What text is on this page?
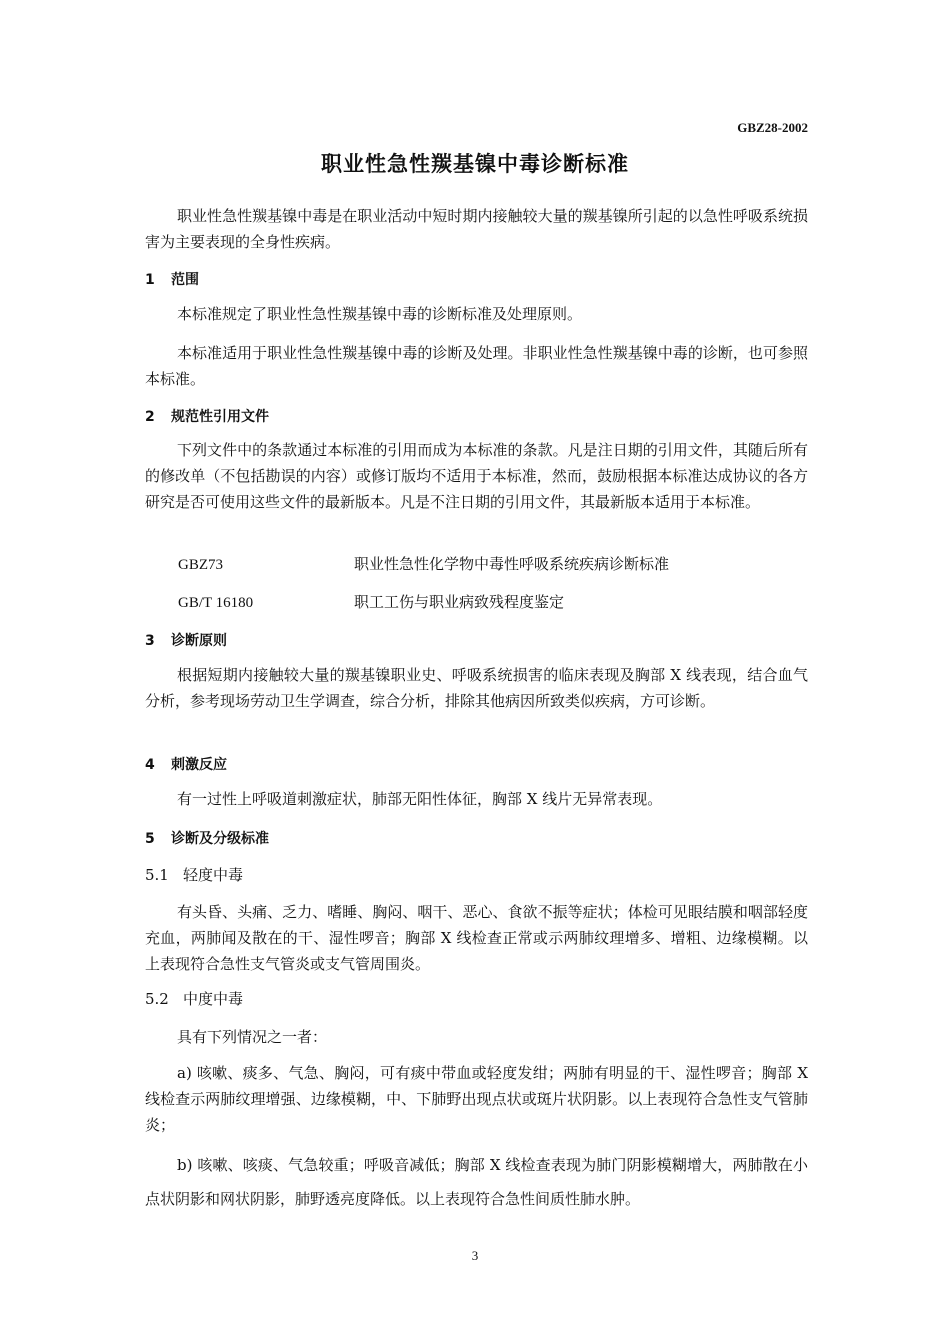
GBZ28-2002
职业性急性羰基镍中毒诊断标准

职业性急性羰基镍中毒是在职业活动中短时期内接触较大量的羰基镍所引起的以急性呼吸系统损害为主要表现的全身性疾病。

1 范围

本标准规定了职业性急性羰基镍中毒的诊断标准及处理原则。

本标准适用于职业性急性羰基镍中毒的诊断及处理。非职业性急性羰基镍中毒的诊断，也可参照本标准。

2 规范性引用文件

下列文件中的条款通过本标准的引用而成为本标准的条款。凡是注日期的引用文件，其随后所有的修改单（不包括勘误的内容）或修订版均不适用于本标准，然而，鼓励根据本标准达成协议的各方研究是否可使用这些文件的最新版本。凡是不注日期的引用文件，其最新版本适用于本标准。

GBZ73	职业性急性化学物中毒性呼吸系统疾病诊断标准

GB/T 16180	职工工伤与职业病致残程度鉴定

3 诊断原则

根据短期内接触较大量的羰基镍职业史、呼吸系统损害的临床表现及胸部 X 线表现，结合血气分析，参考现场劳动卫生学调查，综合分析，排除其他病因所致类似疾病，方可诊断。

4 刺激反应

有一过性上呼吸道刺激症状，肺部无阳性体征，胸部 X 线片无异常表现。

5 诊断及分级标准

5.1 轻度中毒

有头昏、头痛、乏力、嗜睡、胸闷、咽干、恶心、食欲不振等症状；体检可见眼结膜和咽部轻度充血，两肺闻及散在的干、湿性啰音；胸部 X 线检查正常或示两肺纹理增多、增粗、边缘模糊。以上表现符合急性支气管炎或支气管周围炎。

5.2 中度中毒

具有下列情况之一者：

a) 咳嗽、痰多、气急、胸闷，可有痰中带血或轻度发绀；两肺有明显的干、湿性啰音；胸部 X 线检查示两肺纹理增强、边缘模糊，中、下肺野出现点状或斑片状阴影。以上表现符合急性支气管肺炎；

b) 咳嗽、咳痰、气急较重；呼吸音减低；胸部 X 线检查表现为肺门阴影模糊增大，两肺散在小点状阴影和网状阴影，肺野透亮度降低。以上表现符合急性间质性肺水肿。

3
